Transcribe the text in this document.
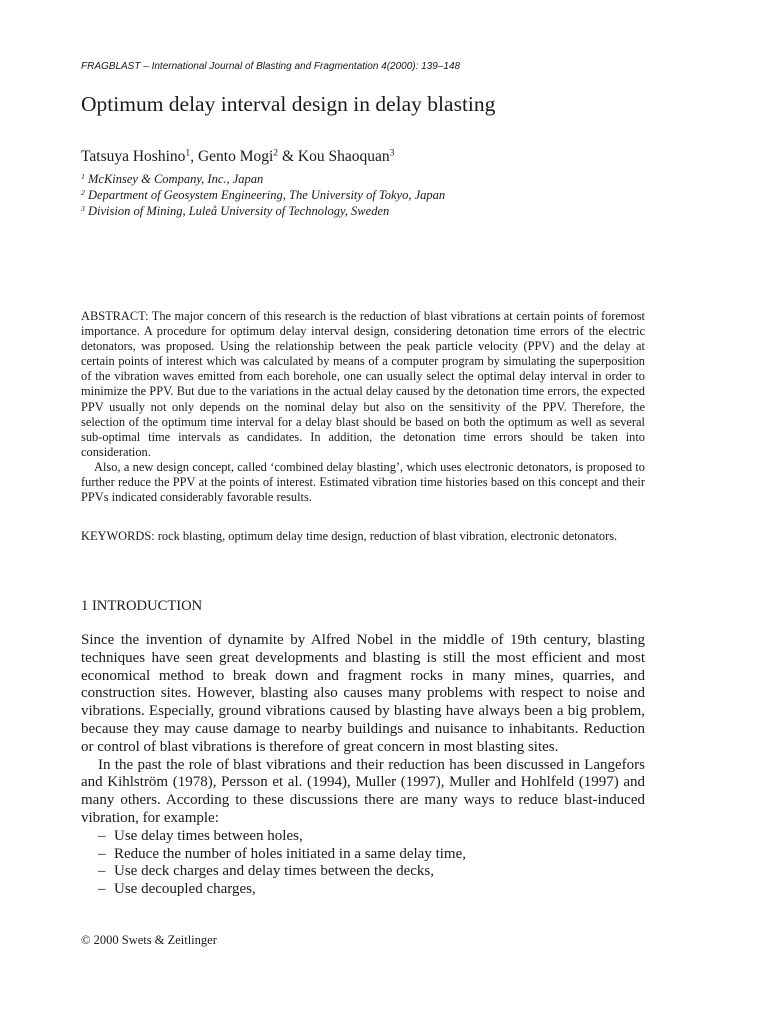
FRAGBLAST – International Journal of Blasting and Fragmentation 4(2000): 139–148
Optimum delay interval design in delay blasting
Tatsuya Hoshino$^1$, Gento Mogi$^2$ & Kou Shaoquan$^3$
$^1$ McKinsey & Company, Inc., Japan
$^2$ Department of Geosystem Engineering, The University of Tokyo, Japan
$^3$ Division of Mining, Luleå University of Technology, Sweden

ABSTRACT: The major concern of this research is the reduction of blast vibrations at certain points of foremost importance. A procedure for optimum delay interval design, considering detonation time errors of the electric detonators, was proposed. Using the relationship between the peak particle velocity (PPV) and the delay at certain points of interest which was calculated by means of a computer program by simulating the superposition of the vibration waves emitted from each borehole, one can usually select the optimal delay interval in order to minimize the PPV. But due to the variations in the actual delay caused by the detonation time errors, the expected PPV usually not only depends on the nominal delay but also on the sensitivity of the PPV. Therefore, the selection of the optimum time interval for a delay blast should be based on both the optimum as well as several sub-optimal time intervals as candidates. In addition, the detonation time errors should be taken into consideration.

Also, a new design concept, called ‘combined delay blasting’, which uses electronic detonators, is proposed to further reduce the PPV at the points of interest. Estimated vibration time histories based on this concept and their PPVs indicated considerably favorable results.

KEYWORDS: rock blasting, optimum delay time design, reduction of blast vibration, electronic detonators.

1 INTRODUCTION

Since the invention of dynamite by Alfred Nobel in the middle of 19th century, blasting techniques have seen great developments and blasting is still the most efficient and most economical method to break down and fragment rocks in many mines, quarries, and construction sites. However, blasting also causes many problems with respect to noise and vibrations. Especially, ground vibrations caused by blasting have always been a big problem, because they may cause damage to nearby buildings and nuisance to inhabitants. Reduction or control of blast vibrations is therefore of great concern in most blasting sites.

In the past the role of blast vibrations and their reduction has been discussed in Langefors and Kihlström (1978), Persson et al. (1994), Muller (1997), Muller and Hohlfeld (1997) and many others. According to these discussions there are many ways to reduce blast-induced vibration, for example:

– Use delay times between holes,
– Reduce the number of holes initiated in a same delay time,
– Use deck charges and delay times between the decks,
– Use decoupled charges,
© 2000 Swets & Zeitlinger
